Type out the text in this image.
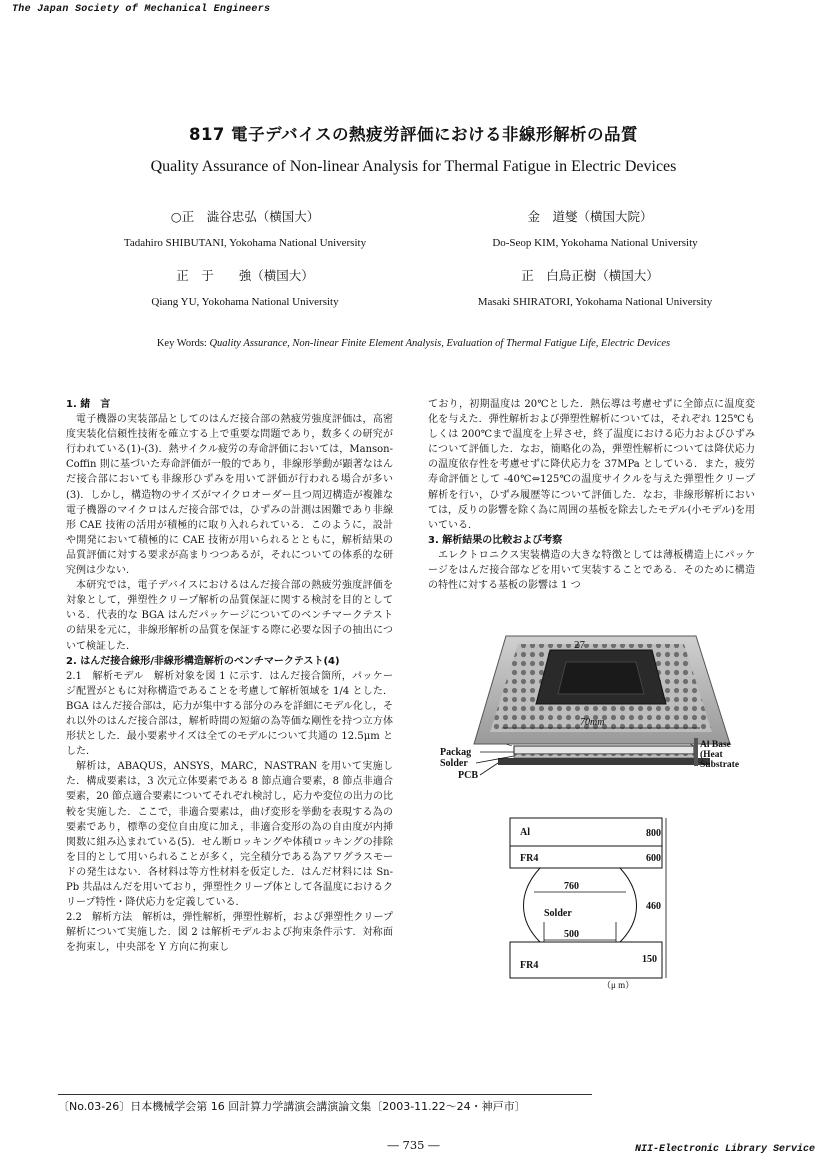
The Japan Society of Mechanical Engineers
817 電子デバイスの熱疲労評価における非線形解析の品質
Quality Assurance of Non-linear Analysis for Thermal Fatigue in Electric Devices
○正　澁谷忠弘（横国大）
Tadahiro SHIBUTANI, Yokohama National University
金　道燮（横国大院）
Do-Seop KIM, Yokohama National University
正　于　　強（横国大）
Qiang YU, Yokohama National University
正　白鳥正樹（横国大）
Masaki SHIRATORI, Yokohama National University
Key Words: Quality Assurance, Non-linear Finite Element Analysis, Evaluation of Thermal Fatigue Life, Electric Devices

1. 緒　言

電子機器の実装部品としてのはんだ接合部の熱疲労強度評価は，高密度実装化信頼性技術を確立する上で重要な問題であり，数多くの研究が行われている(1)-(3)．熱サイクル疲労の寿命評価においては，Manson-Coffin 則に基づいた寿命評価が一般的であり，非線形挙動が顕著なはんだ接合部においても非線形ひずみを用いて評価が行われる場合が多い(3)．しかし，構造物のサイズがマイクロオーダー且つ周辺構造が複雑な電子機器のマイクロはんだ接合部では，ひずみの計測は困難であり非線形 CAE 技術の活用が積極的に取り入れられている．このように，設計や開発において積極的に CAE 技術が用いられるとともに，解析結果の品質評価に対する要求が高まりつつあるが，それについての体系的な研究例は少ない．

本研究では，電子デバイスにおけるはんだ接合部の熱疲労強度評価を対象として，弾塑性クリープ解析の品質保証に関する検討を目的としている．代表的な BGA はんだパッケージについてのベンチマークテストの結果を元に，非線形解析の品質を保証する際に必要な因子の抽出について検証した．

2. はんだ接合線形/非線形構造解析のベンチマークテスト(4)

2.1　解析モデル　解析対象を図 1 に示す．はんだ接合箇所，パッケージ配置がともに対称構造であることを考慮して解析領域を 1/4 とした．BGA はんだ接合部は，応力が集中する部分のみを詳細にモデル化し，それ以外のはんだ接合部は，解析時間の短縮の為等価な剛性を持つ立方体形状とした．最小要素サイズは全てのモデルについて共通の 12.5μm とした．

解析は，ABAQUS，ANSYS，MARC，NASTRAN を用いて実施した．構成要素は，3 次元立体要素である 8 節点適合要素，8 節点非適合要素，20 節点適合要素についてそれぞれ検討し，応力や変位の出力の比較を実施した．ここで，非適合要素は，曲げ変形を挙動を表現する為の要素であり，標準の変位自由度に加え，非適合変形の為の自由度が内挿関数に組み込まれている(5)．せん断ロッキングや体積ロッキングの排除を目的として用いられることが多く，完全積分である為アワグラスモードの発生はない．各材料は等方性材料を仮定した．はんだ材料には Sn-Pb 共晶はんだを用いており，弾塑性クリープ体として各温度におけるクリープ特性・降伏応力を定義している．

2.2　解析方法　解析は，弾性解析，弾塑性解析，および弾塑性クリープ解析について実施した．図 2 は解析モデルおよび拘束条件示す．対称面を拘束し，中央部を Y 方向に拘束し

ており，初期温度は 20℃とした．熱伝導は考慮せずに全節点に温度変化を与えた．弾性解析および弾塑性解析については，それぞれ 125℃もしくは 200℃まで温度を上昇させ，終了温度における応力およびひずみについて評価した．なお，簡略化の為，弾塑性解析については降伏応力の温度依存性を考慮せずに降伏応力を 37MPa としている．また，疲労寿命評価として -40℃⇔125℃の温度サイクルを与えた弾塑性クリープ解析を行い，ひずみ履歴等について評価した．なお，非線形解析においては，反りの影響を除く為に周囲の基板を除去したモデル(小モデル)を用いている．

3. 解析結果の比較および考察

エレクトロニクス実装構造の大きな特徴としては薄板構造上にパッケージをはんだ接合部などを用いて実装することである．そのために構造の特性に対する基板の影響は 1 つ

27
70mm
Packag
Solder
PCB
Al Base
(Heat
Substrate
Al
FR4
760
Solder
500
FR4
800
600
460
150
（μ m）
〔No.03-26〕日本機械学会第 16 回計算力学講演会講演論文集〔2003-11.22～24・神戸市〕
― 735 ―	NII-Electronic Library Service
